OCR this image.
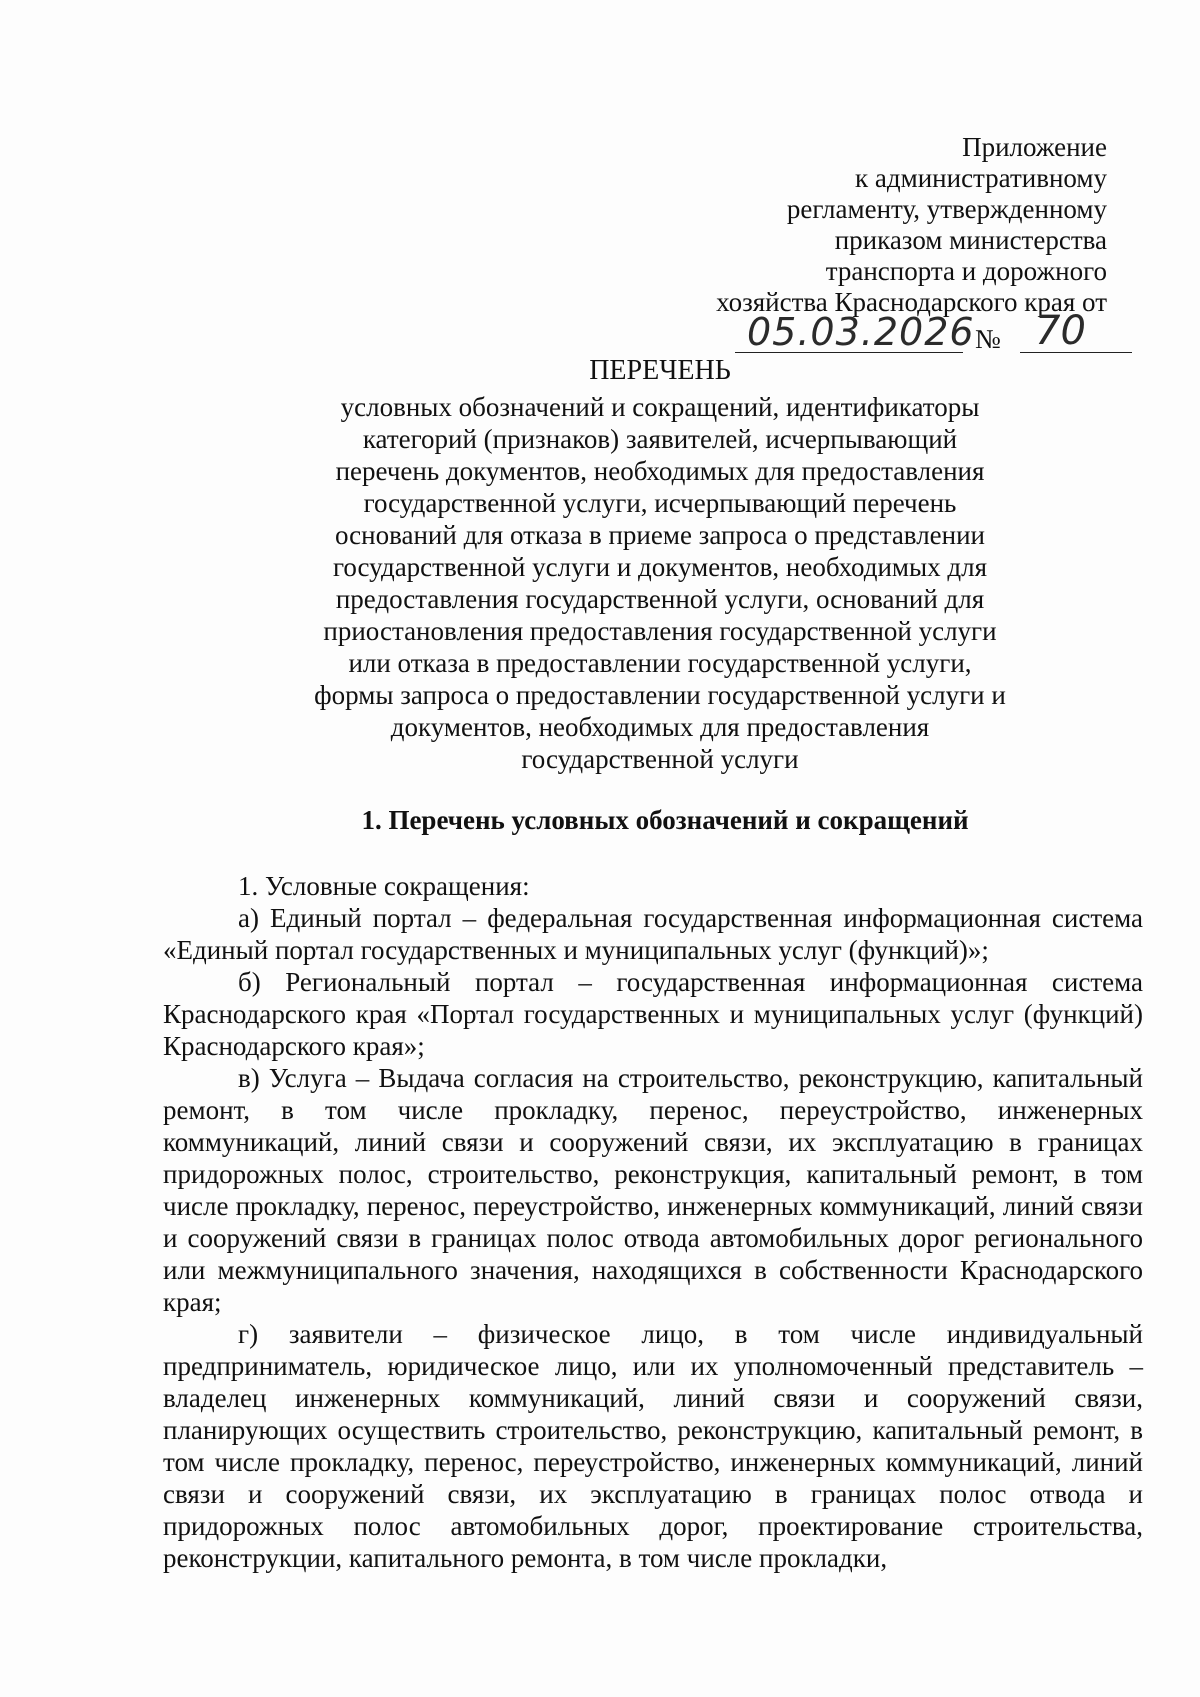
Приложение
к административному
регламенту, утвержденному
приказом министерства
транспорта и дорожного
хозяйства Краснодарского края от
05.03.2026 № 70
ПЕРЕЧЕНЬ
условных обозначений и сокращений, идентификаторы
категорий (признаков) заявителей, исчерпывающий
перечень документов, необходимых для предоставления
государственной услуги, исчерпывающий перечень
оснований для отказа в приеме запроса о представлении
государственной услуги и документов, необходимых для
предоставления государственной услуги, оснований для
приостановления предоставления государственной услуги
или отказа в предоставлении государственной услуги,
формы запроса о предоставлении государственной услуги и
документов, необходимых для предоставления
государственной услуги
1. Перечень условных обозначений и сокращений

1. Условные сокращения:

а) Единый портал – федеральная государственная информационная система «Единый портал государственных и муниципальных услуг (функций)»;

б) Региональный портал – государственная информационная система Краснодарского края «Портал государственных и муниципальных услуг (функций) Краснодарского края»;

в) Услуга – Выдача согласия на строительство, реконструкцию, капитальный ремонт, в том числе прокладку, перенос, переустройство, инженерных коммуникаций, линий связи и сооружений связи, их эксплуатацию в границах придорожных полос, строительство, реконструкция, капитальный ремонт, в том числе прокладку, перенос, переустройство, инженерных коммуникаций, линий связи и сооружений связи в границах полос отвода автомобильных дорог регионального или межмуниципального значения, находящихся в собственности Краснодарского края;

г) заявители – физическое лицо, в том числе индивидуальный предприниматель, юридическое лицо, или их уполномоченный представитель – владелец инженерных коммуникаций, линий связи и сооружений связи, планирующих осуществить строительство, реконструкцию, капитальный ремонт, в том числе прокладку, перенос, переустройство, инженерных коммуникаций, линий связи и сооружений связи, их эксплуатацию в границах полос отвода и придорожных полос автомобильных дорог, проектирование строительства, реконструкции, капитального ремонта, в том числе прокладки,
